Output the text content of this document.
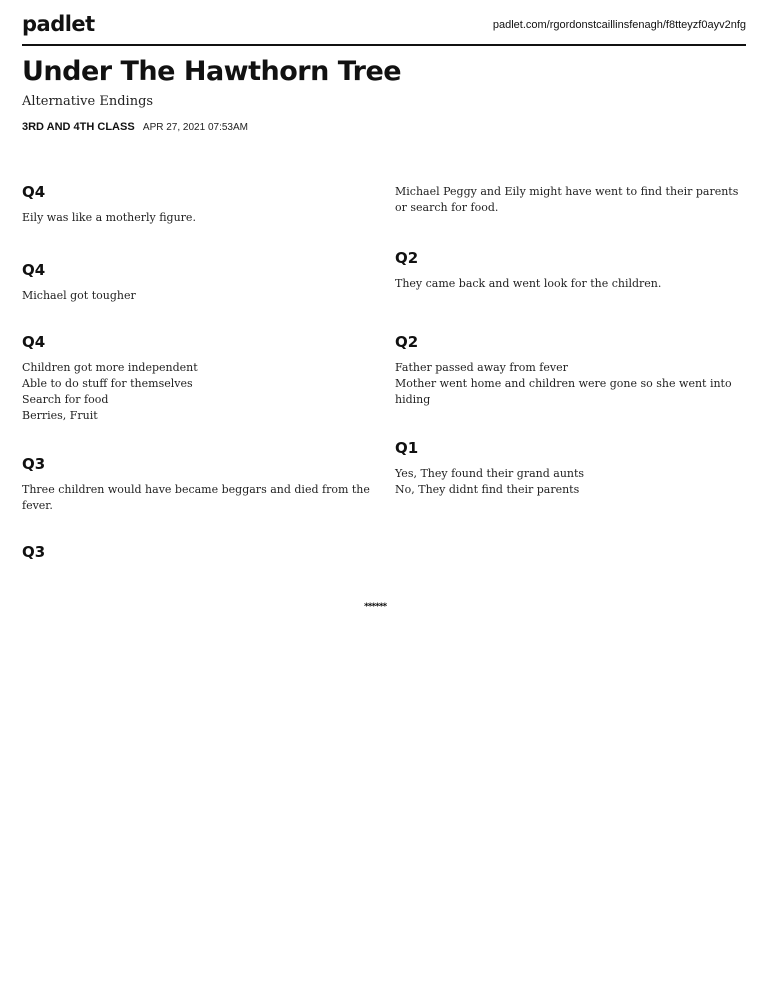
padlet	padlet.com/rgordonstcaillinsfenagh/f8tteyzf0ayv2nfg
Under The Hawthorn Tree
Alternative Endings
3RD AND 4TH CLASS APR 27, 2021 07:53AM
Q4
Eily was like a motherly figure.
Q4
Michael got tougher
Q4
Children got more independent
Able to do stuff for themselves
Search for food
Berries, Fruit
Q3
Three children would have became beggars and died from the fever.
Q3
Michael Peggy and Eily might have went to find their parents or search for food.
Q2
They came back and went look for the children.
Q2
Father passed away from fever
Mother went home and children were gone so she went into hiding
Q1
Yes, They found their grand aunts
No, They didnt find their parents
******
